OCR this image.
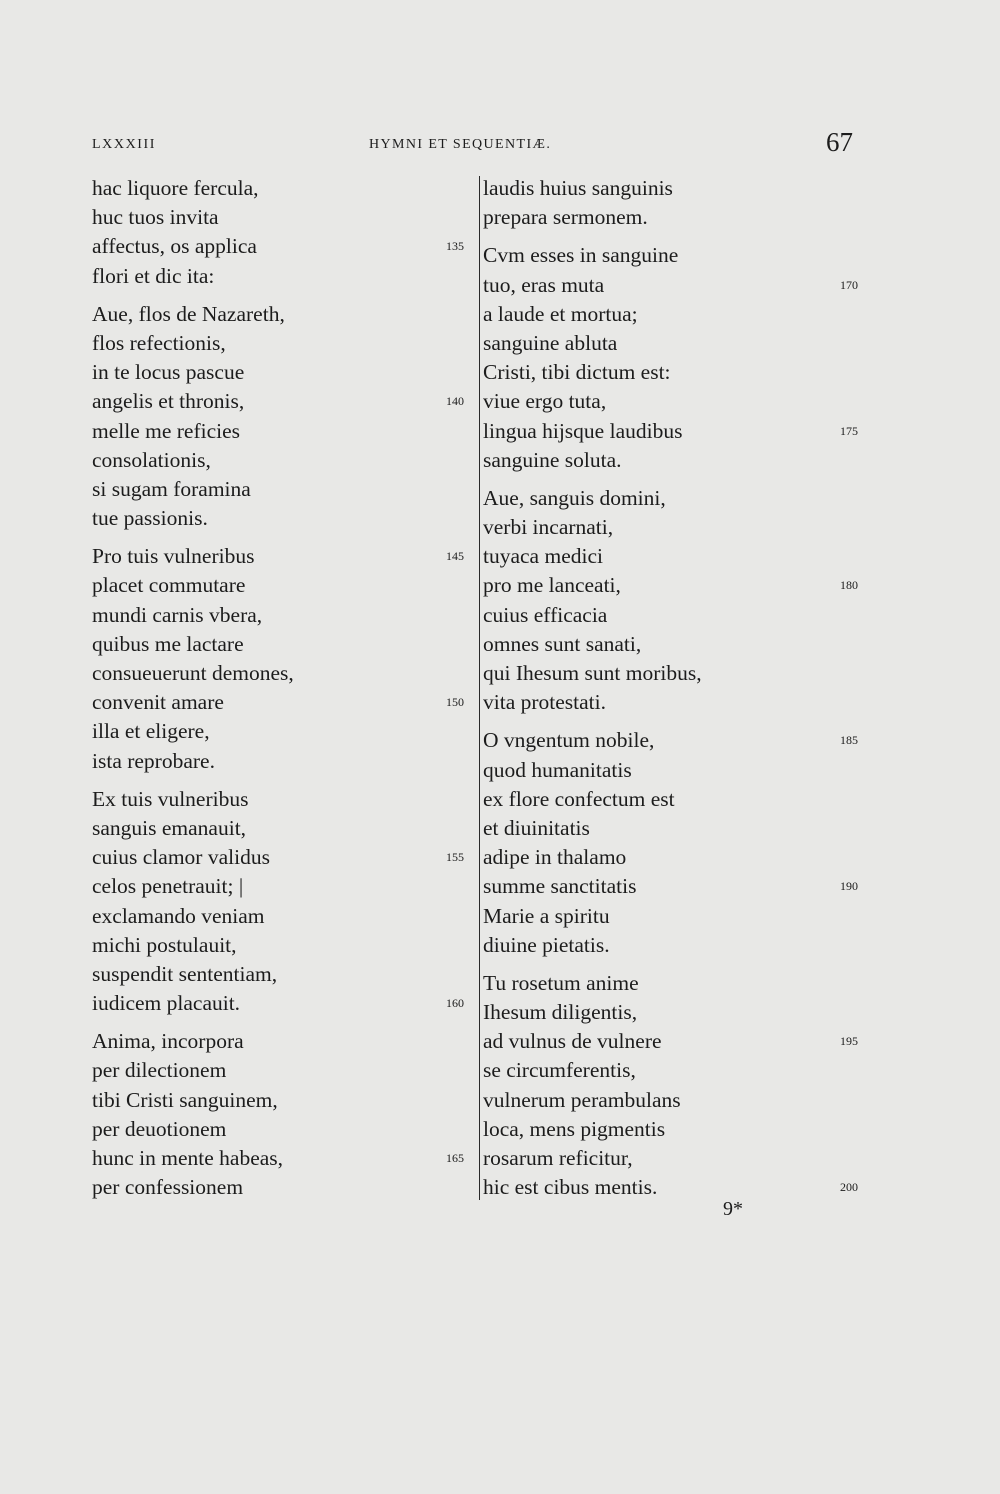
LXXXIII	HYMNI ET SEQUENTIÆ.	67
hac liquore fercula,
huc tuos invita
affectus, os applica	135
flori et dic ita:
Aue, flos de Nazareth,
flos refectionis,
in te locus pascue
angelis et thronis,	140
melle me reficies
consolationis,
si sugam foramina
tue passionis.
Pro tuis vulneribus	145
placet commutare
mundi carnis vbera,
quibus me lactare
consueuerunt demones,
convenit amare	150
illa et eligere,
ista reprobare.
Ex tuis vulneribus
sanguis emanauit,
cuius clamor validus	155
celos penetrauit; |
exclamando veniam
michi postulauit,
suspendit sententiam,
iudicem placauit.	160
Anima, incorpora
per dilectionem
tibi Cristi sanguinem,
per deuotionem
hunc in mente habeas,	165
per confessionem
laudis huius sanguinis
prepara sermonem.
Cvm esses in sanguine
tuo, eras muta	170
a laude et mortua;
sanguine abluta
Cristi, tibi dictum est:
viue ergo tuta,
lingua hijsque laudibus	175
sanguine soluta.
Aue, sanguis domini,
verbi incarnati,
tuyaca medici
pro me lanceati,	180
cuius efficacia
omnes sunt sanati,
qui Ihesum sunt moribus,
vita protestati.
O vngentum nobile,	185
quod humanitatis
ex flore confectum est
et diuinitatis
adipe in thalamo
summe sanctitatis	190
Marie a spiritu
diuine pietatis.
Tu rosetum anime
Ihesum diligentis,
ad vulnus de vulnere	195
se circumferentis,
vulnerum perambulans
loca, mens pigmentis
rosarum reficitur,
hic est cibus mentis.	200
9*
